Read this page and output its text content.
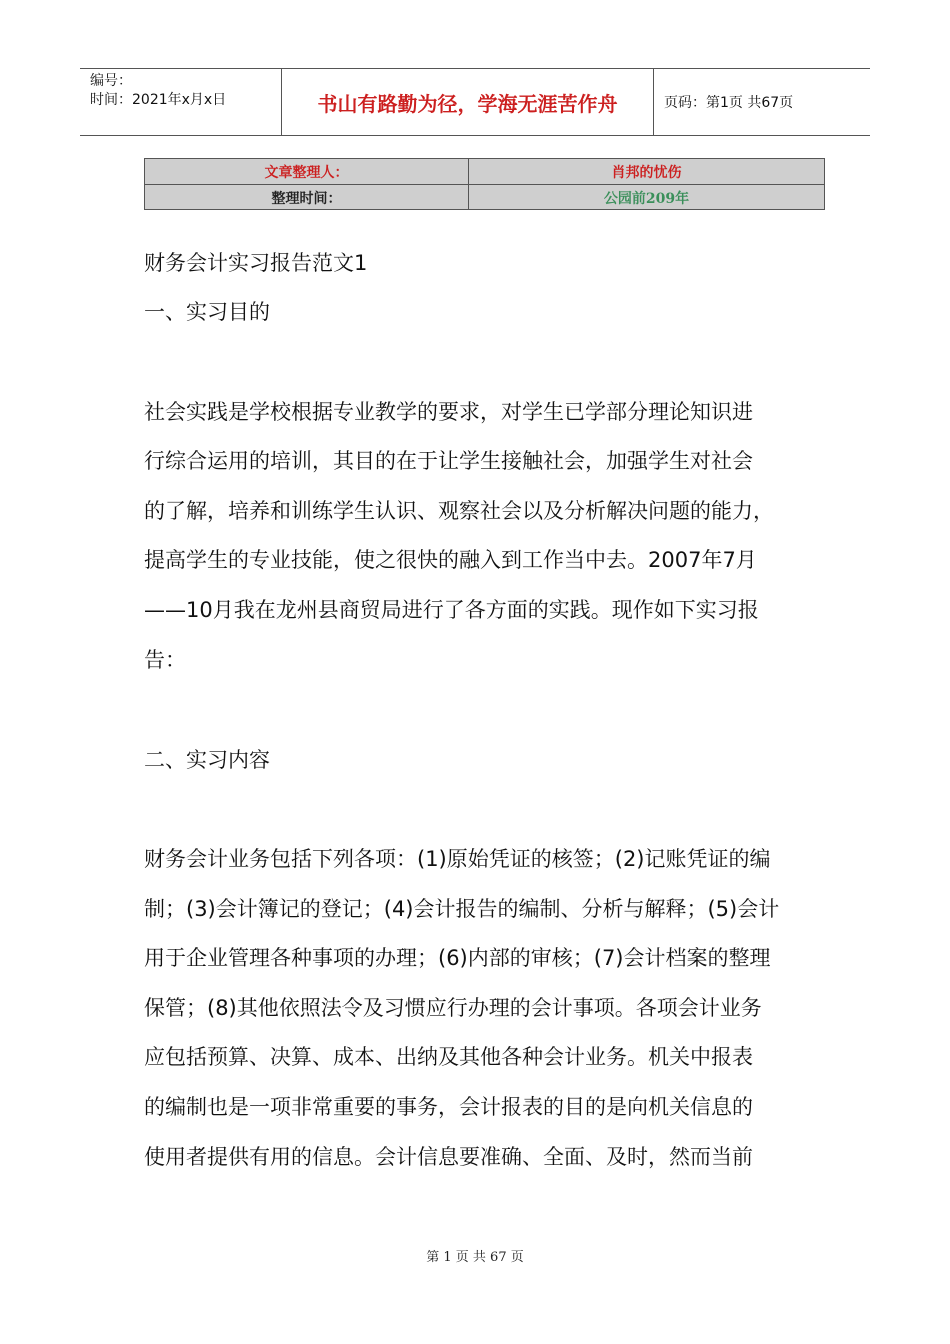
编号：
时间：2021年x月x日	书山有路勤为径，学海无涯苦作舟	页码：第1页 共67页
文章整理人：	肖邦的忧伤
整理时间：	公园前209年
财务会计实习报告范文1
一、实习目的
社会实践是学校根据专业教学的要求，对学生已学部分理论知识进
行综合运用的培训，其目的在于让学生接触社会，加强学生对社会
的了解，培养和训练学生认识、观察社会以及分析解决问题的能力，
提高学生的专业技能，使之很快的融入到工作当中去。2007年7月
——10月我在龙州县商贸局进行了各方面的实践。现作如下实习报
告：
二、实习内容
财务会计业务包括下列各项：(1)原始凭证的核签；(2)记账凭证的编
制；(3)会计簿记的登记；(4)会计报告的编制、分析与解释；(5)会计
用于企业管理各种事项的办理；(6)内部的审核；(7)会计档案的整理
保管；(8)其他依照法令及习惯应行办理的会计事项。各项会计业务
应包括预算、决算、成本、出纳及其他各种会计业务。机关中报表
的编制也是一项非常重要的事务，会计报表的目的是向机关信息的
使用者提供有用的信息。会计信息要准确、全面、及时，然而当前
第 1 页 共 67 页
